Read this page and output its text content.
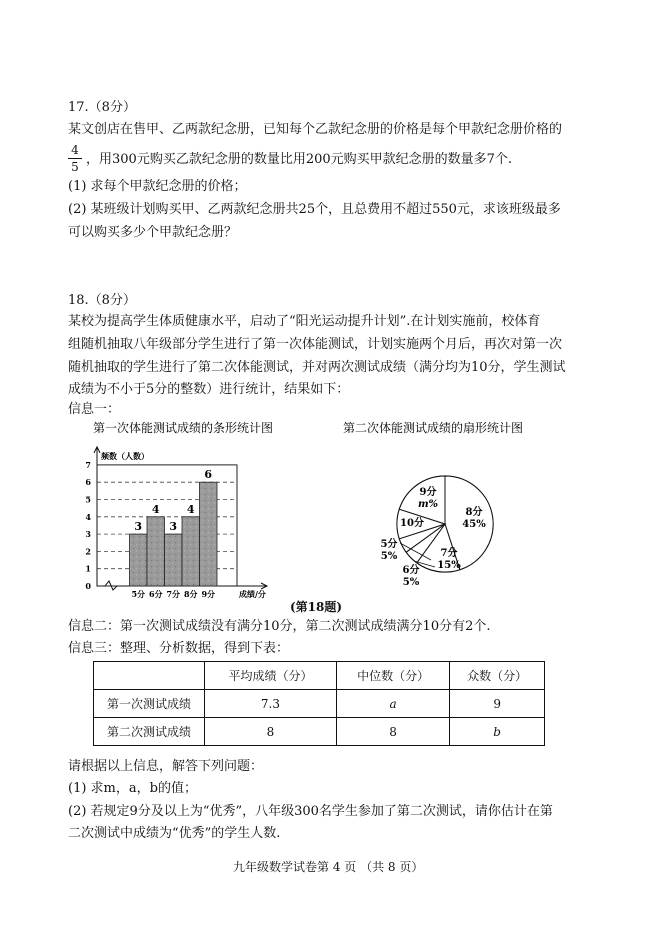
17.（8分）
某文创店在售甲、乙两款纪念册，已知每个乙款纪念册的价格是每个甲款纪念册价格的
4
5 ，用300元购买乙款纪念册的数量比用200元购买甲款纪念册的数量多7个.
(1) 求每个甲款纪念册的价格；
(2) 某班级计划购买甲、乙两款纪念册共25个，且总费用不超过550元，求该班级最多
可以购买多少个甲款纪念册？
18.（8分）
某校为提高学生体质健康水平，启动了“阳光运动提升计划”.在计划实施前，校体育
组随机抽取八年级部分学生进行了第一次体能测试，计划实施两个月后，再次对第一次
随机抽取的学生进行了第二次体能测试，并对两次测试成绩（满分均为10分，学生测试
成绩为不小于5分的整数）进行统计，结果如下：
信息一：
第一次体能测试成绩的条形统计图	第二次体能测试成绩的扇形统计图
频数（人数）
成绩/分
0
1
2
3
4
5
6
7
3
5分
4
6分
3
7分
4
8分
6
9分
8分
45%
7分
15%
6分
5%
5分
5%
10分
9分
m%
(第18题)
信息二：第一次测试成绩没有满分10分，第二次测试成绩满分10分有2个.
信息三：整理、分析数据，得到下表：
	平均成绩（分）	中位数（分）	众数（分）
第一次测试成绩	7.3	a	9
第二次测试成绩	8	8	b
请根据以上信息，解答下列问题：
(1) 求m，a，b的值；
(2) 若规定9分及以上为“优秀”，八年级300名学生参加了第二次测试，请你估计在第
二次测试中成绩为“优秀”的学生人数.
九年级数学试卷第 4 页 （共 8 页）
